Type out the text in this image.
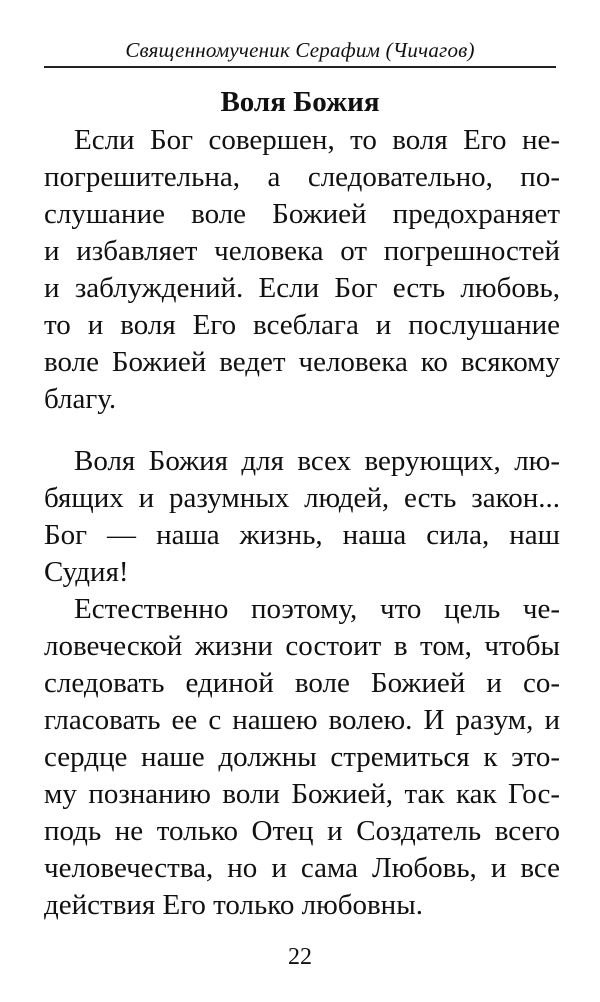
Священномученик Серафим (Чичагов)
Воля Божия
Если Бог совершен, то воля Его не-
погрешительна, а следовательно, по-
слушание воле Божией предохраняет
и избавляет человека от погрешностей
и заблуждений. Если Бог есть любовь,
то и воля Его всеблага и послушание
воле Божией ведет человека ко всякому
благу.
Воля Божия для всех верующих, лю-
бящих и разумных людей, есть закон...
Бог — наша жизнь, наша сила, наш
Судия!
Естественно поэтому, что цель че-
ловеческой жизни состоит в том, чтобы
следовать единой воле Божией и со-
гласовать ее с нашею волею. И разум, и
сердце наше должны стремиться к это-
му познанию воли Божией, так как Гос-
подь не только Отец и Создатель всего
человечества, но и сама Любовь, и все
действия Его только любовны.
22
